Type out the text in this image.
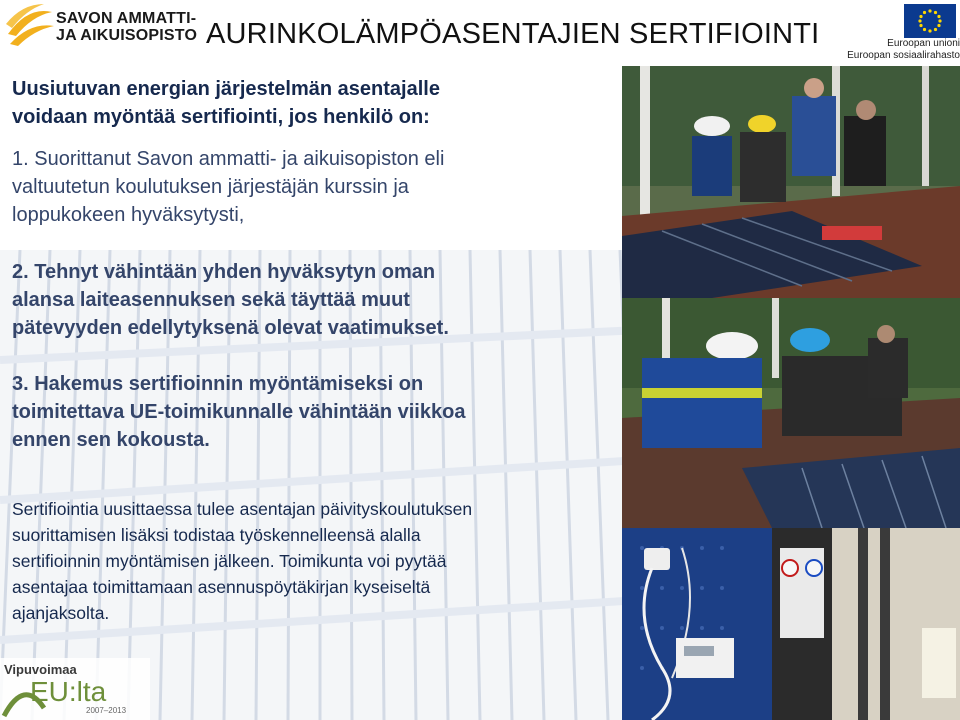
SAVON AMMATTI-
JA AIKUISOPISTO AURINKOLÄMPÖASENTAJIEN SERTIFIOINTI	Euroopan unioni
Euroopan sosiaalirahasto
Uusiutuvan energian järjestelmän asentajalle
voidaan myöntää sertifiointi, jos henkilö on:
1. Suorittanut Savon ammatti- ja aikuisopiston eli
valtuutetun koulutuksen järjestäjän kurssin ja
loppukokeen hyväksytysti,
2. Tehnyt vähintään yhden hyväksytyn oman
alansa laiteasennuksen sekä täyttää muut
pätevyyden edellytyksenä olevat vaatimukset.
3. Hakemus sertifioinnin myöntämiseksi on
toimitettava UE-toimikunnalle vähintään viikkoa
ennen sen kokousta.
Sertifiointia uusittaessa tulee asentajan päivityskoulutuksen
suorittamisen lisäksi todistaa työskennelleensä alalla
sertifioinnin myöntämisen jälkeen. Toimikunta voi pyytää
asentajaa toimittamaan asennuspöytäkirjan kyseiseltä
ajanjaksolta.
Vipuvoimaa
EU:lta
2007–2013
